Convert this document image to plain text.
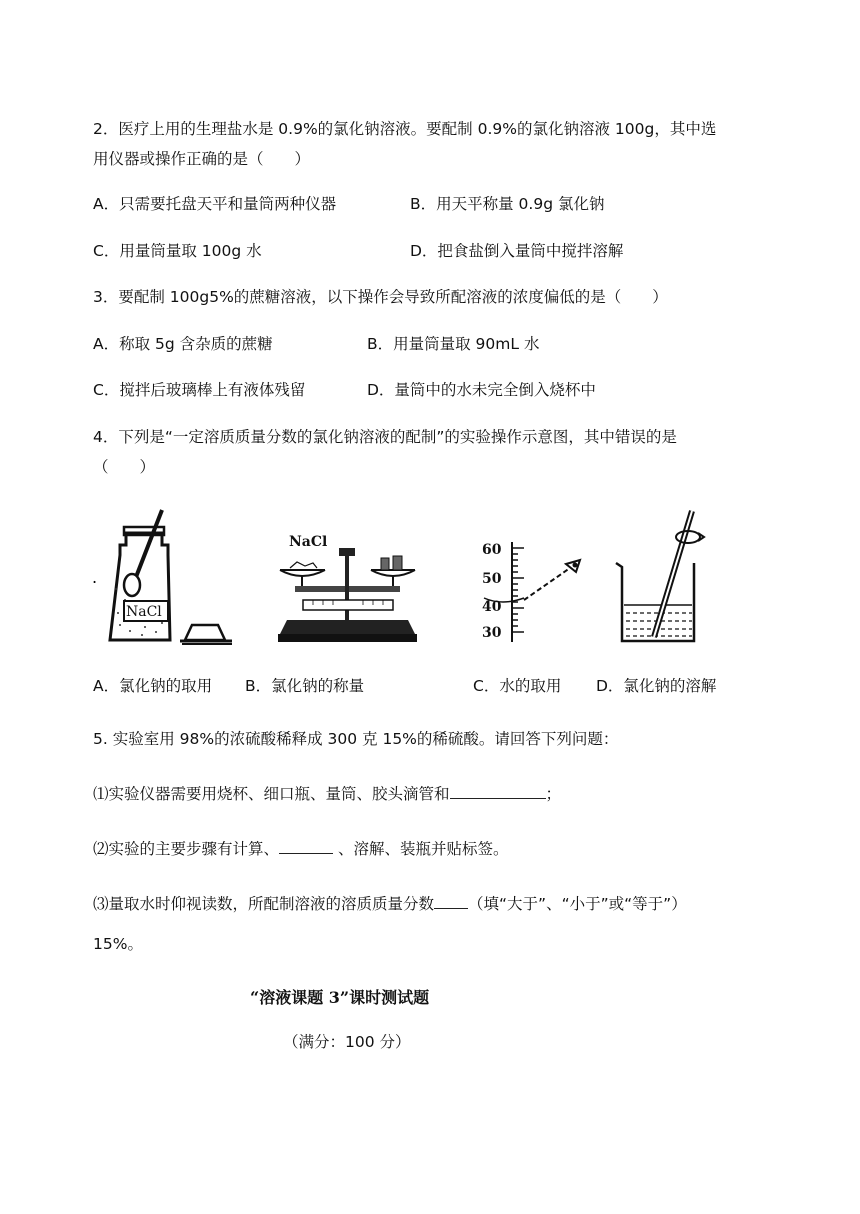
2．医疗上用的生理盐水是 0.9%的氯化钠溶液。要配制 0.9%的氯化钠溶液 100g，其中选
用仪器或操作正确的是（　　）
A．只需要托盘天平和量筒两种仪器	B．用天平称量 0.9g 氯化钠
C．用量筒量取 100g 水	D．把食盐倒入量筒中搅拌溶解
3．要配制 100g5%的蔗糖溶液，以下操作会导致所配溶液的浓度偏低的是（　　）
A．称取 5g 含杂质的蔗糖	B．用量筒量取 90mL 水
C．搅拌后玻璃棒上有液体残留	D．量筒中的水未完全倒入烧杯中
4．下列是“一定溶质质量分数的氯化钠溶液的配制”的实验操作示意图，其中错误的是
（　　）
.
NaCl
NaCl	60
50
40
30
A．氯化钠的取用 B．氯化钠的称量	C．水的取用 D．氯化钠的溶解
5. 实验室用 98%的浓硫酸稀释成 300 克 15%的稀硫酸。请回答下列问题：
⑴实验仪器需要用烧杯、细口瓶、量筒、胶头滴管和	；
⑵实验的主要步骤有计算、	、溶解、装瓶并贴标签。
⑶量取水时仰视读数，所配制溶液的溶质质量分数 （填“大于”、“小于”或“等于”）
15%。
“溶液课题 3”课时测试题
（满分：100 分）
